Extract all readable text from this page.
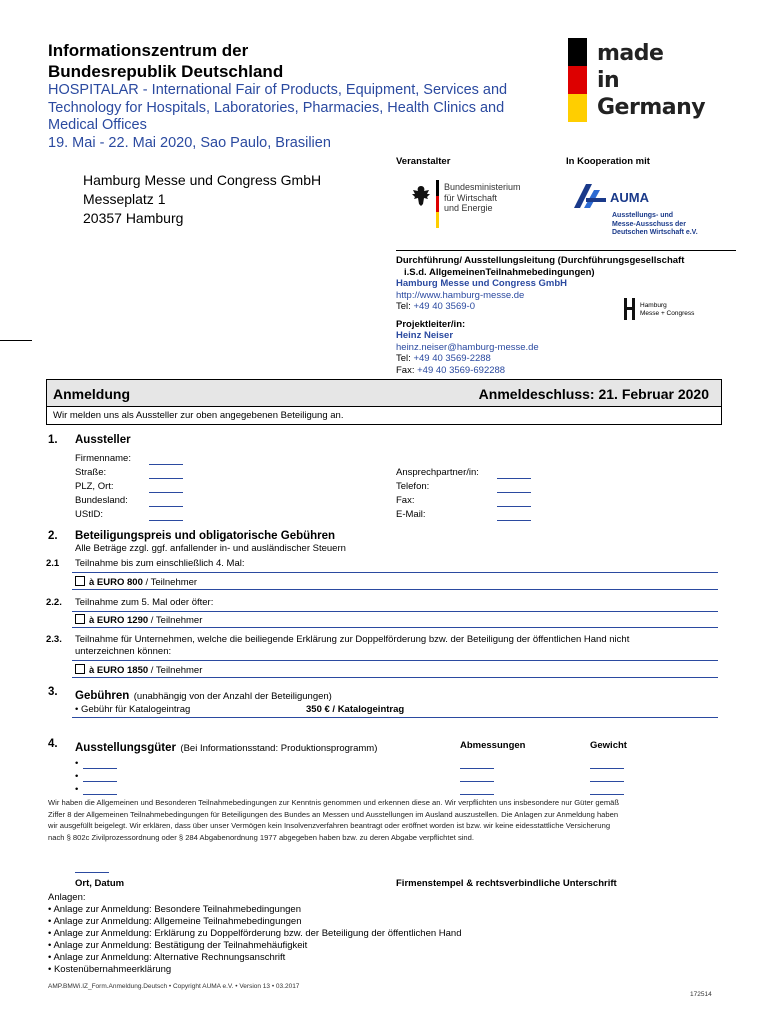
Informationszentrum der
Bundesrepublik Deutschland
HOSPITALAR - International Fair of Products, Equipment, Services and
Technology for Hospitals, Laboratories, Pharmacies, Health Clinics and
Medical Offices
19. Mai - 22. Mai 2020, Sao Paulo, Brasilien
made
in
Germany
Veranstalter	In Kooperation mit
Hamburg Messe und Congress GmbH
Messeplatz 1
20357 Hamburg
Bundesministerium
für Wirtschaft
und Energie
AUMA
Ausstellungs- und
Messe-Ausschuss der
Deutschen Wirtschaft e.V.
Durchführung/ Ausstellungsleitung (Durchführungsgesellschaft
i.S.d. AllgemeinenTeilnahmebedingungen)
Hamburg Messe und Congress GmbH
http://www.hamburg-messe.de
Tel: +49 40 3569-0
Projektleiter/in:
Heinz Neiser
heinz.neiser@hamburg-messe.de
Tel: +49 40 3569-2288
Fax: +49 40 3569-692288
Hamburg
Messe + Congress
Anmeldung	Anmeldeschluss: 21. Februar 2020
Wir melden uns als Aussteller zur oben angegebenen Beteiligung an.
1. Aussteller
Firmenname:
Straße:
PLZ, Ort:
Bundesland:
UStID:
Ansprechpartner/in:
Telefon:
Fax:
E-Mail:
2. Beteiligungspreis und obligatorische Gebühren
Alle Beträge zzgl. ggf. anfallender in- und ausländischer Steuern
2.1 Teilnahme bis zum einschließlich 4. Mal:
à EURO 800 / Teilnehmer
2.2. Teilnahme zum 5. Mal oder öfter:
à EURO 1290 / Teilnehmer
2.3. Teilnahme für Unternehmen, welche die beiliegende Erklärung zur Doppelförderung bzw. der Beteiligung der öffentlichen Hand nicht
unterzeichnen können:
à EURO 1850 / Teilnehmer
3. Gebühren (unabhängig von der Anzahl der Beteiligungen)
• Gebühr für Katalogeintrag	350 € / Katalogeintrag
4. Ausstellungsgüter (Bei Informationsstand: Produktionsprogramm)	Abmessungen	Gewicht
•
•
•
Wir haben die Allgemeinen und Besonderen Teilnahmebedingungen zur Kenntnis genommen und erkennen diese an. Wir verpflichten uns insbesondere nur Güter gemäß
Ziffer 8 der Allgemeinen Teilnahmebedingungen für Beteiligungen des Bundes an Messen und Ausstellungen im Ausland auszustellen. Die Anlagen zur Anmeldung haben
wir ausgefüllt beigelegt. Wir erklären, dass über unser Vermögen kein Insolvenzverfahren beantragt oder eröffnet worden ist bzw. wir keine eidesstattliche Versicherung
nach § 802c Zivilprozessordnung oder § 284 Abgabenordnung 1977 abgegeben haben bzw. zu deren Abgabe verpflichtet sind.
Ort, Datum	Firmenstempel & rechtsverbindliche Unterschrift
Anlagen:
• Anlage zur Anmeldung: Besondere Teilnahmebedingungen
• Anlage zur Anmeldung: Allgemeine Teilnahmebedingungen
• Anlage zur Anmeldung: Erklärung zu Doppelförderung bzw. der Beteiligung der öffentlichen Hand
• Anlage zur Anmeldung: Bestätigung der Teilnahmehäufigkeit
• Anlage zur Anmeldung: Alternative Rechnungsanschrift
• Kostenübernahmeerklärung
AMP.BMWi.IZ_Form.Anmeldung.Deutsch • Copyright AUMA e.V. • Version 13 • 03.2017
172514
